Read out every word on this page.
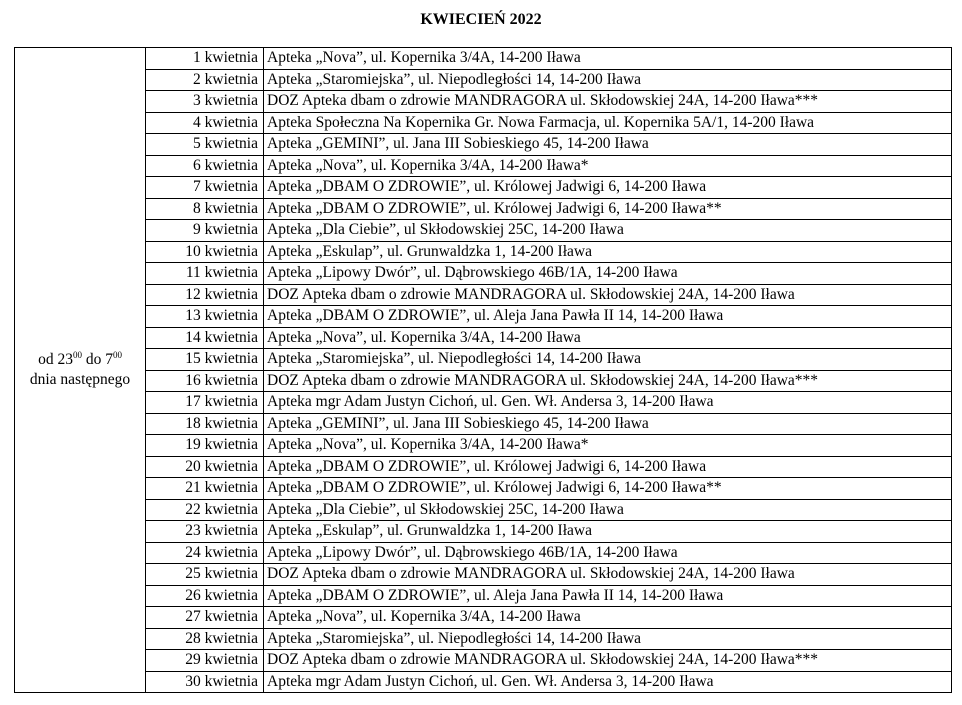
KWIECIEŃ 2022
od $23^{00}$ do $7^{00}$
dnia następnego	1 kwietnia	Apteka „Nova”, ul. Kopernika 3/4A, 14-200 Iława
	2 kwietnia	Apteka „Staromiejska”, ul. Niepodległości 14, 14-200 Iława
	3 kwietnia	DOZ Apteka dbam o zdrowie MANDRAGORA ul. Skłodowskiej 24A, 14-200 Iława***
	4 kwietnia	Apteka Społeczna Na Kopernika Gr. Nowa Farmacja, ul. Kopernika 5A/1, 14-200 Iława
	5 kwietnia	Apteka „GEMINI”, ul. Jana III Sobieskiego 45, 14-200 Iława
	6 kwietnia	Apteka „Nova”, ul. Kopernika 3/4A, 14-200 Iława*
	7 kwietnia	Apteka „DBAM O ZDROWIE”, ul. Królowej Jadwigi 6, 14-200 Iława
	8 kwietnia	Apteka „DBAM O ZDROWIE”, ul. Królowej Jadwigi 6, 14-200 Iława**
	9 kwietnia	Apteka „Dla Ciebie”, ul Skłodowskiej 25C, 14-200 Iława
	10 kwietnia	Apteka „Eskulap”, ul. Grunwaldzka 1, 14-200 Iława
	11 kwietnia	Apteka „Lipowy Dwór”, ul. Dąbrowskiego 46B/1A, 14-200 Iława
	12 kwietnia	DOZ Apteka dbam o zdrowie MANDRAGORA ul. Skłodowskiej 24A, 14-200 Iława
	13 kwietnia	Apteka „DBAM O ZDROWIE”, ul. Aleja Jana Pawła II 14, 14-200 Iława
	14 kwietnia	Apteka „Nova”, ul. Kopernika 3/4A, 14-200 Iława
	15 kwietnia	Apteka „Staromiejska”, ul. Niepodległości 14, 14-200 Iława
	16 kwietnia	DOZ Apteka dbam o zdrowie MANDRAGORA ul. Skłodowskiej 24A, 14-200 Iława***
	17 kwietnia	Apteka mgr Adam Justyn Cichoń, ul. Gen. Wł. Andersa 3, 14-200 Iława
	18 kwietnia	Apteka „GEMINI”, ul. Jana III Sobieskiego 45, 14-200 Iława
	19 kwietnia	Apteka „Nova”, ul. Kopernika 3/4A, 14-200 Iława*
	20 kwietnia	Apteka „DBAM O ZDROWIE”, ul. Królowej Jadwigi 6, 14-200 Iława
	21 kwietnia	Apteka „DBAM O ZDROWIE”, ul. Królowej Jadwigi 6, 14-200 Iława**
	22 kwietnia	Apteka „Dla Ciebie”, ul Skłodowskiej 25C, 14-200 Iława
	23 kwietnia	Apteka „Eskulap”, ul. Grunwaldzka 1, 14-200 Iława
	24 kwietnia	Apteka „Lipowy Dwór”, ul. Dąbrowskiego 46B/1A, 14-200 Iława
	25 kwietnia	DOZ Apteka dbam o zdrowie MANDRAGORA ul. Skłodowskiej 24A, 14-200 Iława
	26 kwietnia	Apteka „DBAM O ZDROWIE”, ul. Aleja Jana Pawła II 14, 14-200 Iława
	27 kwietnia	Apteka „Nova”, ul. Kopernika 3/4A, 14-200 Iława
	28 kwietnia	Apteka „Staromiejska”, ul. Niepodległości 14, 14-200 Iława
	29 kwietnia	DOZ Apteka dbam o zdrowie MANDRAGORA ul. Skłodowskiej 24A, 14-200 Iława***
	30 kwietnia	Apteka mgr Adam Justyn Cichoń, ul. Gen. Wł. Andersa 3, 14-200 Iława
